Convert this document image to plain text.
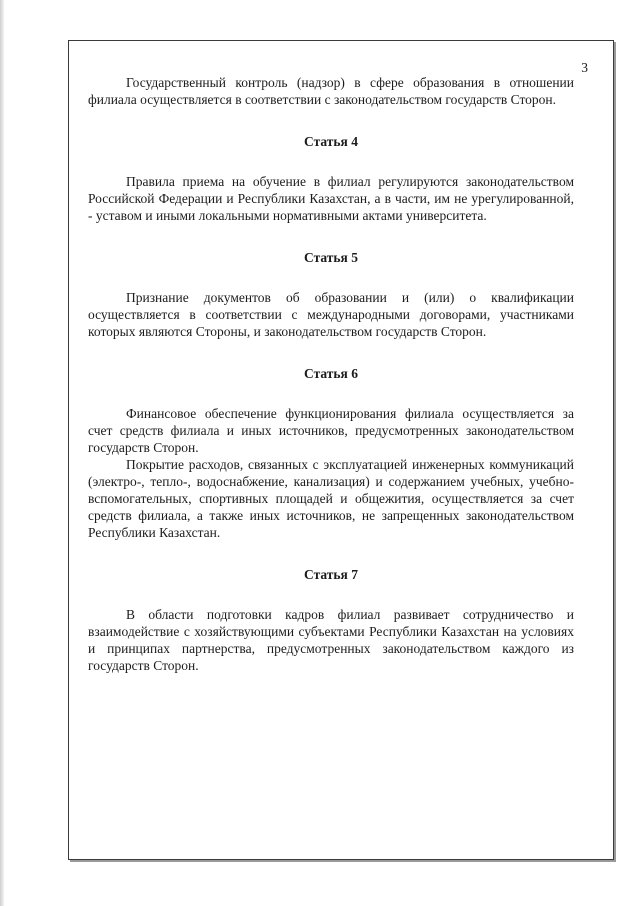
3

Государственный контроль (надзор) в сфере образования в отношении филиала осуществляется в соответствии с законодательством государств Сторон.

Статья 4

Правила приема на обучение в филиал регулируются законодательством Российской Федерации и Республики Казахстан, а в части, им не урегулированной, - уставом и иными локальными нормативными актами университета.

Статья 5

Признание документов об образовании и (или) о квалификации осуществляется в соответствии с международными договорами, участниками которых являются Стороны, и законодательством государств Сторон.

Статья 6

Финансовое обеспечение функционирования филиала осуществляется за счет средств филиала и иных источников, предусмотренных законодательством государств Сторон.

Покрытие расходов, связанных с эксплуатацией инженерных коммуникаций (электро-, тепло-, водоснабжение, канализация) и содержанием учебных, учебно-вспомогательных, спортивных площадей и общежития, осуществляется за счет средств филиала, а также иных источников, не запрещенных законодательством Республики Казахстан.

Статья 7

В области подготовки кадров филиал развивает сотрудничество и взаимодействие с хозяйствующими субъектами Республики Казахстан на условиях и принципах партнерства, предусмотренных законодательством каждого из государств Сторон.
